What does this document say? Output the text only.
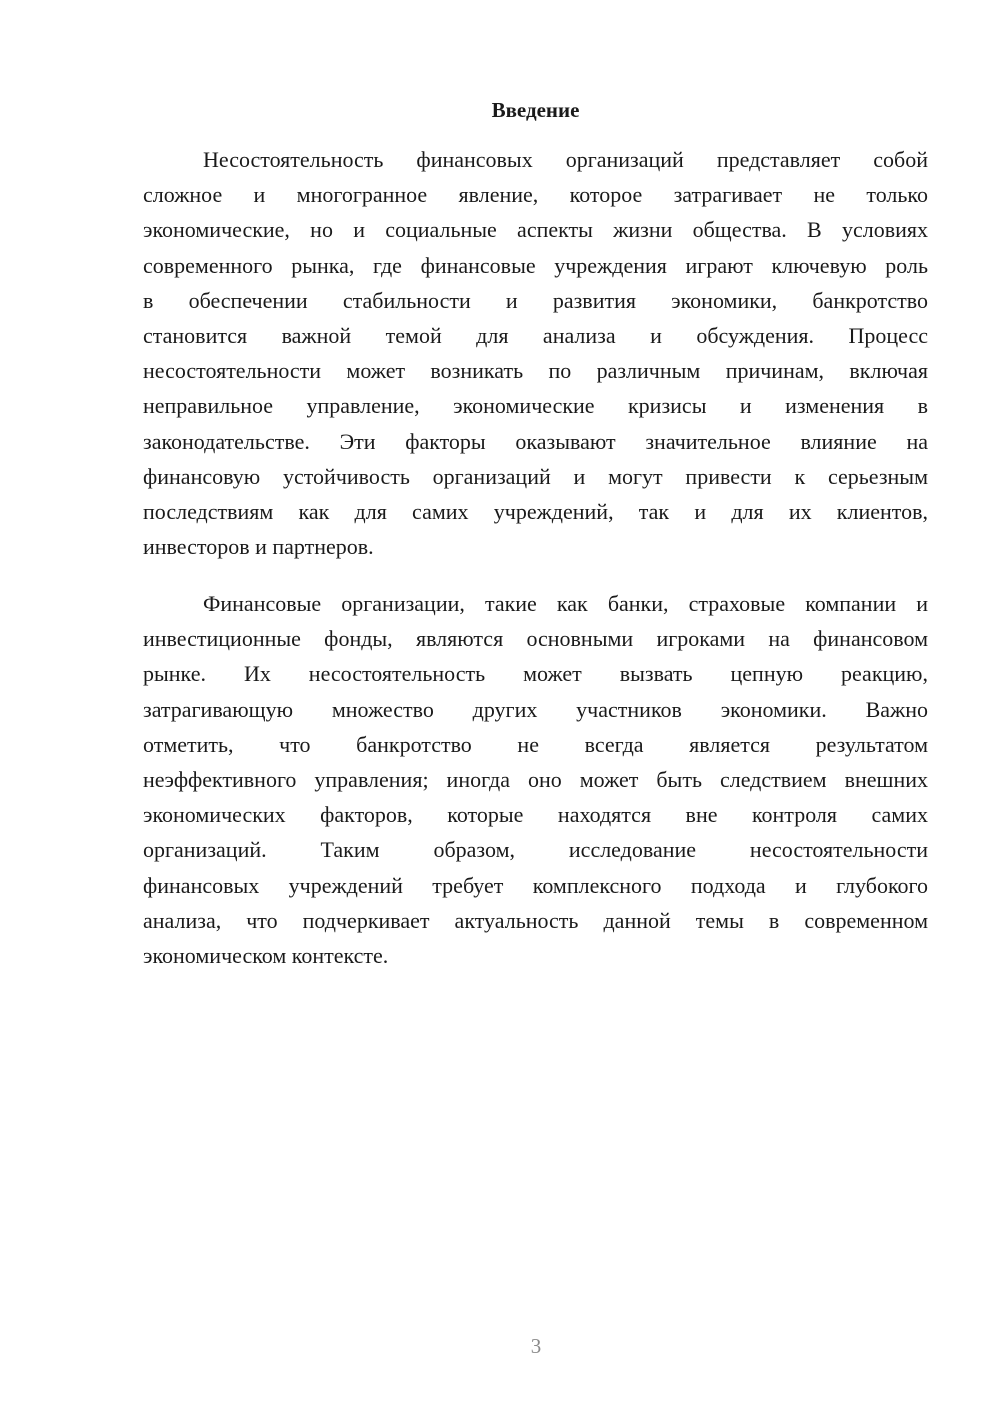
Введение
Несостоятельность финансовых организаций представляет собой
сложное и многогранное явление, которое затрагивает не только
экономические, но и социальные аспекты жизни общества. В условиях
современного рынка, где финансовые учреждения играют ключевую роль
в обеспечении стабильности и развития экономики, банкротство
становится важной темой для анализа и обсуждения. Процесс
несостоятельности может возникать по различным причинам, включая
неправильное управление, экономические кризисы и изменения в
законодательстве. Эти факторы оказывают значительное влияние на
финансовую устойчивость организаций и могут привести к серьезным
последствиям как для самих учреждений, так и для их клиентов,
инвесторов и партнеров.
Финансовые организации, такие как банки, страховые компании и
инвестиционные фонды, являются основными игроками на финансовом
рынке. Их несостоятельность может вызвать цепную реакцию,
затрагивающую множество других участников экономики. Важно
отметить, что банкротство не всегда является результатом
неэффективного управления; иногда оно может быть следствием внешних
экономических факторов, которые находятся вне контроля самих
организаций. Таким образом, исследование несостоятельности
финансовых учреждений требует комплексного подхода и глубокого
анализа, что подчеркивает актуальность данной темы в современном
экономическом контексте.
3
